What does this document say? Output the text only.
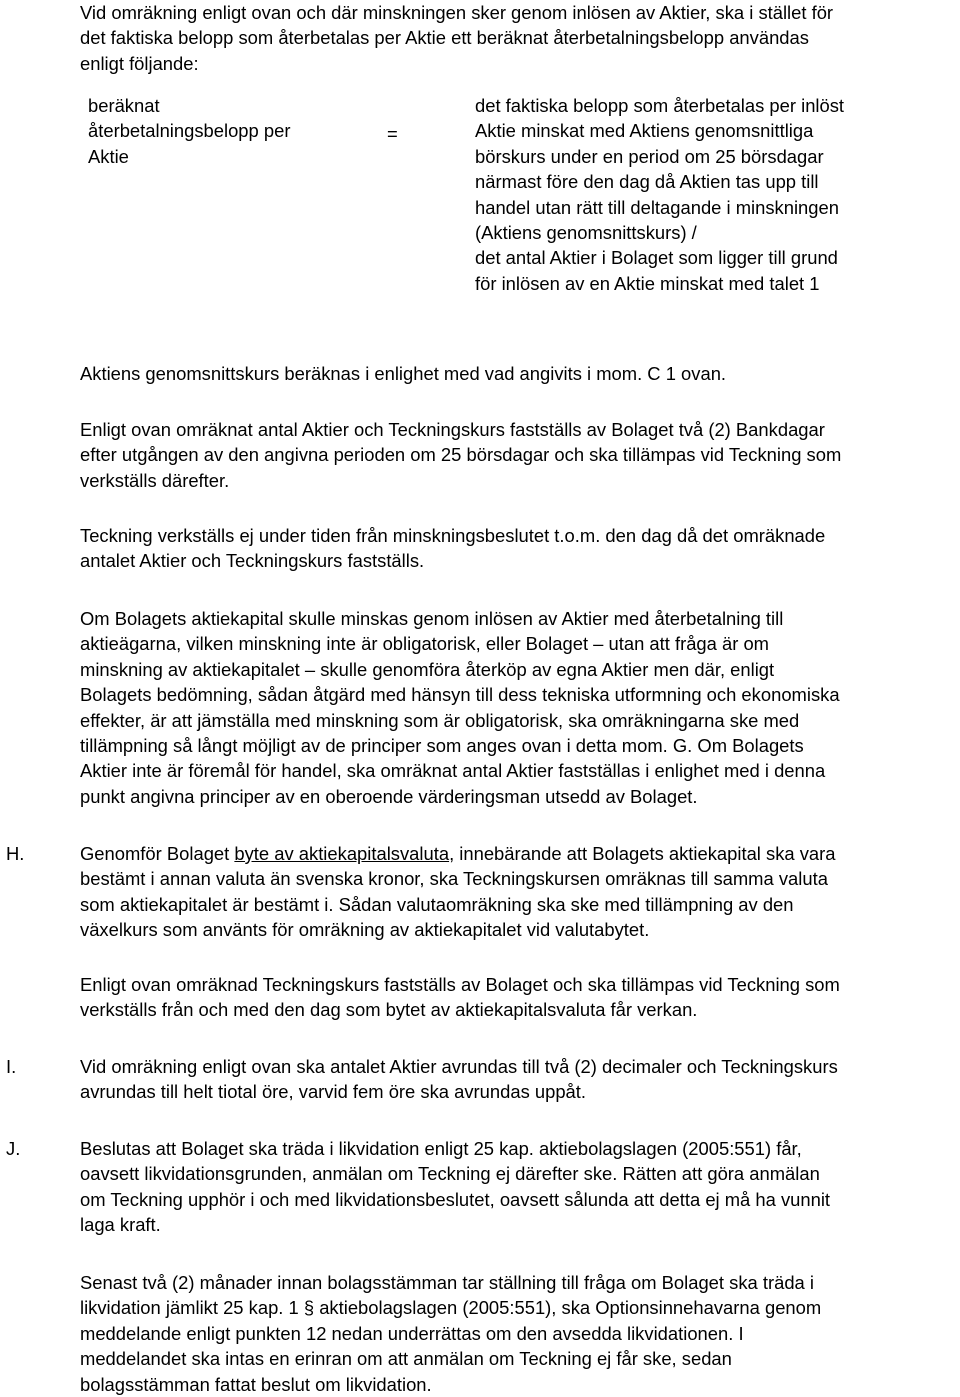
Vid omräkning enligt ovan och där minskningen sker genom inlösen av Aktier, ska i stället för
det faktiska belopp som återbetalas per Aktie ett beräknat återbetalningsbelopp användas
enligt följande:

beräknat
återbetalningsbelopp per
Aktie

=

det faktiska belopp som återbetalas per inlöst
Aktie minskat med Aktiens genomsnittliga
börskurs under en period om 25 börsdagar
närmast före den dag då Aktien tas upp till
handel utan rätt till deltagande i minskningen
(Aktiens genomsnittskurs) /
det antal Aktier i Bolaget som ligger till grund
för inlösen av en Aktie minskat med talet 1

Aktiens genomsnittskurs beräknas i enlighet med vad angivits i mom. C 1 ovan.

Enligt ovan omräknat antal Aktier och Teckningskurs fastställs av Bolaget två (2) Bankdagar
efter utgången av den angivna perioden om 25 börsdagar och ska tillämpas vid Teckning som
verkställs därefter.

Teckning verkställs ej under tiden från minskningsbeslutet t.o.m. den dag då det omräknade
antalet Aktier och Teckningskurs fastställs.

Om Bolagets aktiekapital skulle minskas genom inlösen av Aktier med återbetalning till
aktieägarna, vilken minskning inte är obligatorisk, eller Bolaget – utan att fråga är om
minskning av aktiekapitalet – skulle genomföra återköp av egna Aktier men där, enligt
Bolagets bedömning, sådan åtgärd med hänsyn till dess tekniska utformning och ekonomiska
effekter, är att jämställa med minskning som är obligatorisk, ska omräkningarna ske med
tillämpning så långt möjligt av de principer som anges ovan i detta mom. G. Om Bolagets
Aktier inte är föremål för handel, ska omräknat antal Aktier fastställas i enlighet med i denna
punkt angivna principer av en oberoende värderingsman utsedd av Bolaget.

H.	Genomför Bolaget byte av aktiekapitalsvaluta, innebärande att Bolagets aktiekapital ska vara
bestämt i annan valuta än svenska kronor, ska Teckningskursen omräknas till samma valuta
som aktiekapitalet är bestämt i. Sådan valutaomräkning ska ske med tillämpning av den
växelkurs som använts för omräkning av aktiekapitalet vid valutabytet.

Enligt ovan omräknad Teckningskurs fastställs av Bolaget och ska tillämpas vid Teckning som
verkställs från och med den dag som bytet av aktiekapitalsvaluta får verkan.

I.	Vid omräkning enligt ovan ska antalet Aktier avrundas till två (2) decimaler och Teckningskurs
avrundas till helt tiotal öre, varvid fem öre ska avrundas uppåt.

J.	Beslutas att Bolaget ska träda i likvidation enligt 25 kap. aktiebolagslagen (2005:551) får,
oavsett likvidationsgrunden, anmälan om Teckning ej därefter ske. Rätten att göra anmälan
om Teckning upphör i och med likvidationsbeslutet, oavsett sålunda att detta ej må ha vunnit
laga kraft.

Senast två (2) månader innan bolagsstämman tar ställning till fråga om Bolaget ska träda i
likvidation jämlikt 25 kap. 1 § aktiebolagslagen (2005:551), ska Optionsinnehavarna genom
meddelande enligt punkten 12 nedan underrättas om den avsedda likvidationen. I
meddelandet ska intas en erinran om att anmälan om Teckning ej får ske, sedan
bolagsstämman fattat beslut om likvidation.
